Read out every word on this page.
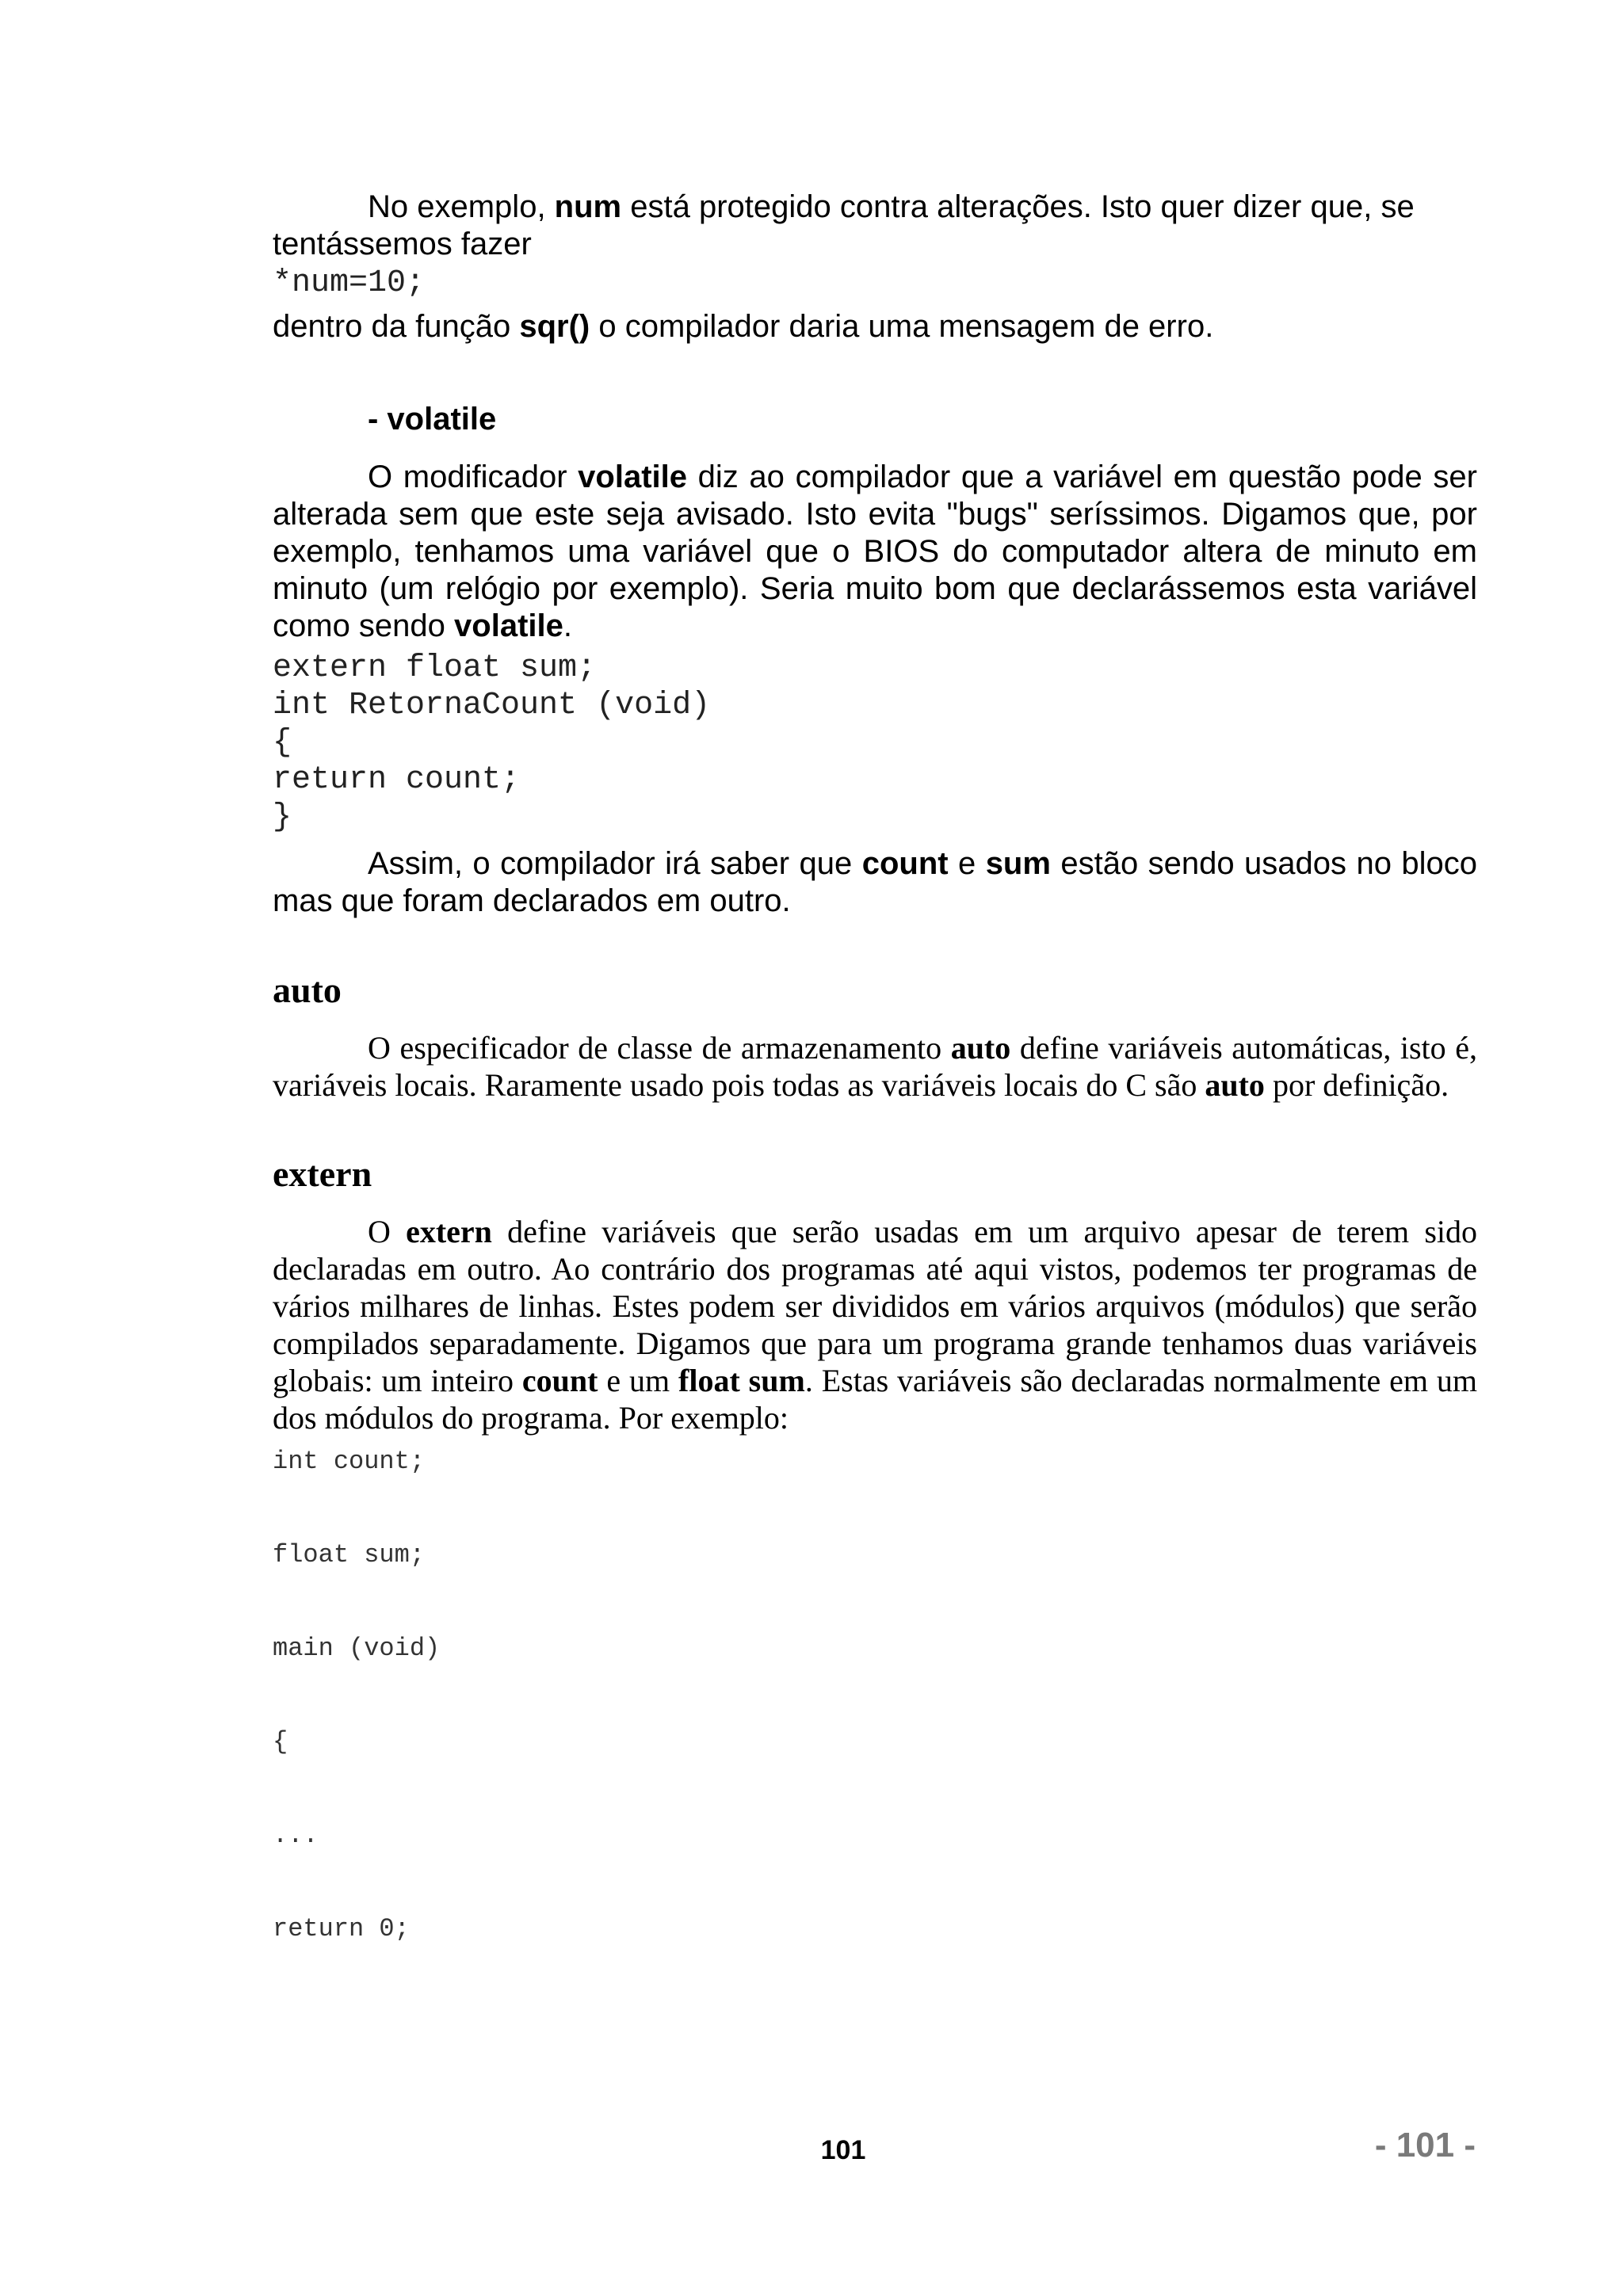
No exemplo, num está protegido contra alterações. Isto quer dizer que, se tentássemos fazer

*num=10;

dentro da função sqr() o compilador daria uma mensagem de erro.

- volatile

O modificador volatile diz ao compilador que a variável em questão pode ser alterada sem que este seja avisado. Isto evita "bugs" seríssimos. Digamos que, por exemplo, tenhamos uma variável que o BIOS do computador altera de minuto em minuto (um relógio por exemplo). Seria muito bom que declarássemos esta variável como sendo volatile.

extern float sum;
int RetornaCount (void)
{
return count;
}

Assim, o compilador irá saber que count e sum estão sendo usados no bloco mas que foram declarados em outro.

auto

O especificador de classe de armazenamento auto define variáveis automáticas, isto é, variáveis locais. Raramente usado pois todas as variáveis locais do C são auto por definição.

extern

O extern define variáveis que serão usadas em um arquivo apesar de terem sido declaradas em outro. Ao contrário dos programas até aqui vistos, podemos ter programas de vários milhares de linhas. Estes podem ser divididos em vários arquivos (módulos) que serão compilados separadamente. Digamos que para um programa grande tenhamos duas variáveis globais: um inteiro count e um float sum. Estas variáveis são declaradas normalmente em um dos módulos do programa. Por exemplo:

int count;
float sum;
main (void)
{
...
return 0;
101	- 101 -
